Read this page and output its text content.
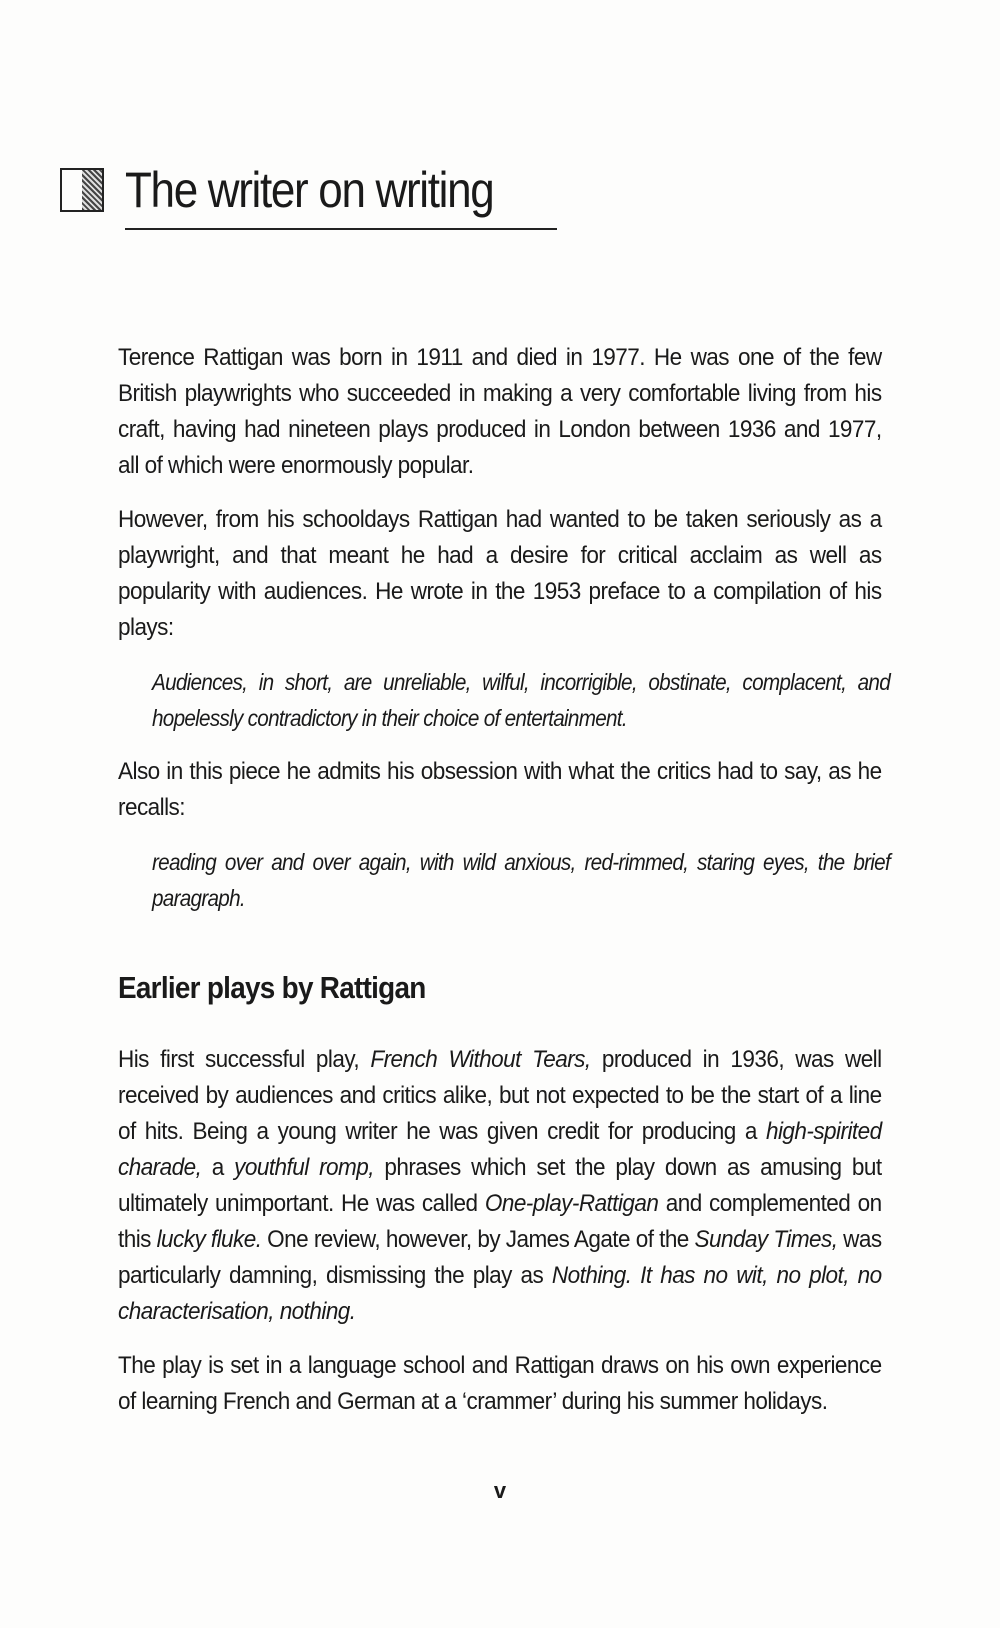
The writer on writing

Terence Rattigan was born in 1911 and died in 1977. He was one of the few British playwrights who succeeded in making a very comfortable living from his craft, having had nineteen plays produced in London between 1936 and 1977, all of which were enormously popular.

However, from his schooldays Rattigan had wanted to be taken seriously as a playwright, and that meant he had a desire for critical acclaim as well as popularity with audiences. He wrote in the 1953 preface to a compilation of his plays:

Audiences, in short, are unreliable, wilful, incorrigible, obstinate, complacent, and hopelessly contradictory in their choice of entertainment.

Also in this piece he admits his obsession with what the critics had to say, as he recalls:

reading over and over again, with wild anxious, red-rimmed, staring eyes, the brief paragraph.

Earlier plays by Rattigan

His first successful play, French Without Tears, produced in 1936, was well received by audiences and critics alike, but not expected to be the start of a line of hits. Being a young writer he was given credit for producing a high-spirited charade, a youthful romp, phrases which set the play down as amusing but ultimately unimportant. He was called One-play-Rattigan and complemented on this lucky fluke. One review, however, by James Agate of the Sunday Times, was particularly damning, dismissing the play as Nothing. It has no wit, no plot, no characterisation, nothing.

The play is set in a language school and Rattigan draws on his own experience of learning French and German at a ‘crammer’ during his summer holidays.

v
